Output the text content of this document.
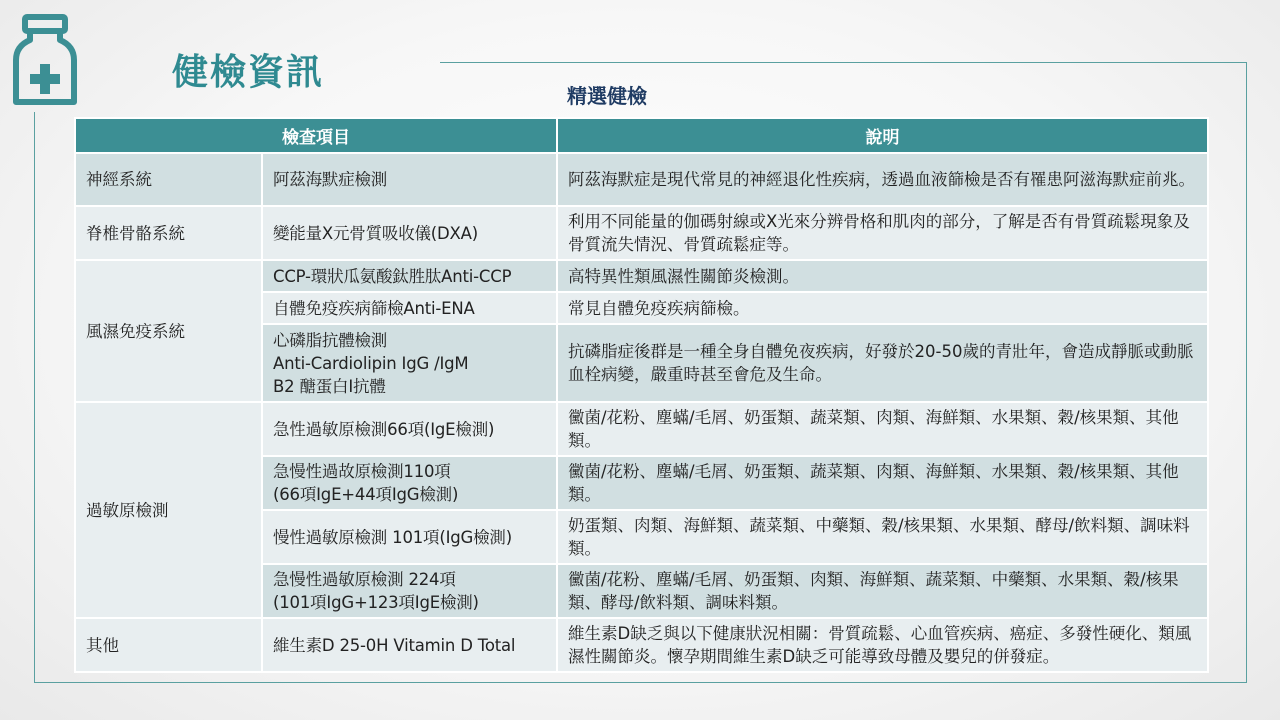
健檢資訊
精選健檢
檢查項目		說明
神經系統	阿茲海默症檢測	阿茲海默症是現代常見的神經退化性疾病，透過血液篩檢是否有罹患阿滋海默症前兆。
脊椎骨骼系統	變能量X元骨質吸收儀(DXA)	利用不同能量的伽碼射線或X光來分辨骨格和肌肉的部分，了解是否有骨質疏鬆現象及骨質流失情況、骨質疏鬆症等。
風濕免疫系統	CCP-環狀瓜氨酸鈦胜肽Anti-CCP	高特異性類風濕性關節炎檢測。
	自體免疫疾病篩檢Anti-ENA	常見自體免疫疾病篩檢。

	心磷脂抗體檢測
Anti-Cardiolipin IgG /IgM
B2 醣蛋白I抗體	抗磷脂症後群是一種全身自體免夜疾病，好發於20-50歲的青壯年，會造成靜脈或動脈血栓病變，嚴重時甚至會危及生命。
過敏原檢測	急性過敏原檢測66項(IgE檢測)	黴菌/花粉、塵蟎/毛屑、奶蛋類、蔬菜類、肉類、海鮮類、水果類、穀/核果類、其他類。

	急慢性過故原檢測110項
(66項IgE+44項IgG檢測)	黴菌/花粉、塵蟎/毛屑、奶蛋類、蔬菜類、肉類、海鮮類、水果類、穀/核果類、其他類。
	慢性過敏原檢測 101項(IgG檢測)	奶蛋類、肉類、海鮮類、蔬菜類、中藥類、穀/核果類、水果類、酵母/飲料類、調味料類。

	急慢性過敏原檢測 224項
(101項IgG+123項IgE檢測)	黴菌/花粉、塵蟎/毛屑、奶蛋類、肉類、海鮮類、蔬菜類、中藥類、水果類、穀/核果類、酵母/飲料類、調味料類。
其他	維生素D 25-0H Vitamin D Total	維生素D缺乏與以下健康狀況相關：骨質疏鬆、心血管疾病、癌症、多發性硬化、類風濕性關節炎。懷孕期間維生素D缺乏可能導致母體及嬰兒的併發症。
